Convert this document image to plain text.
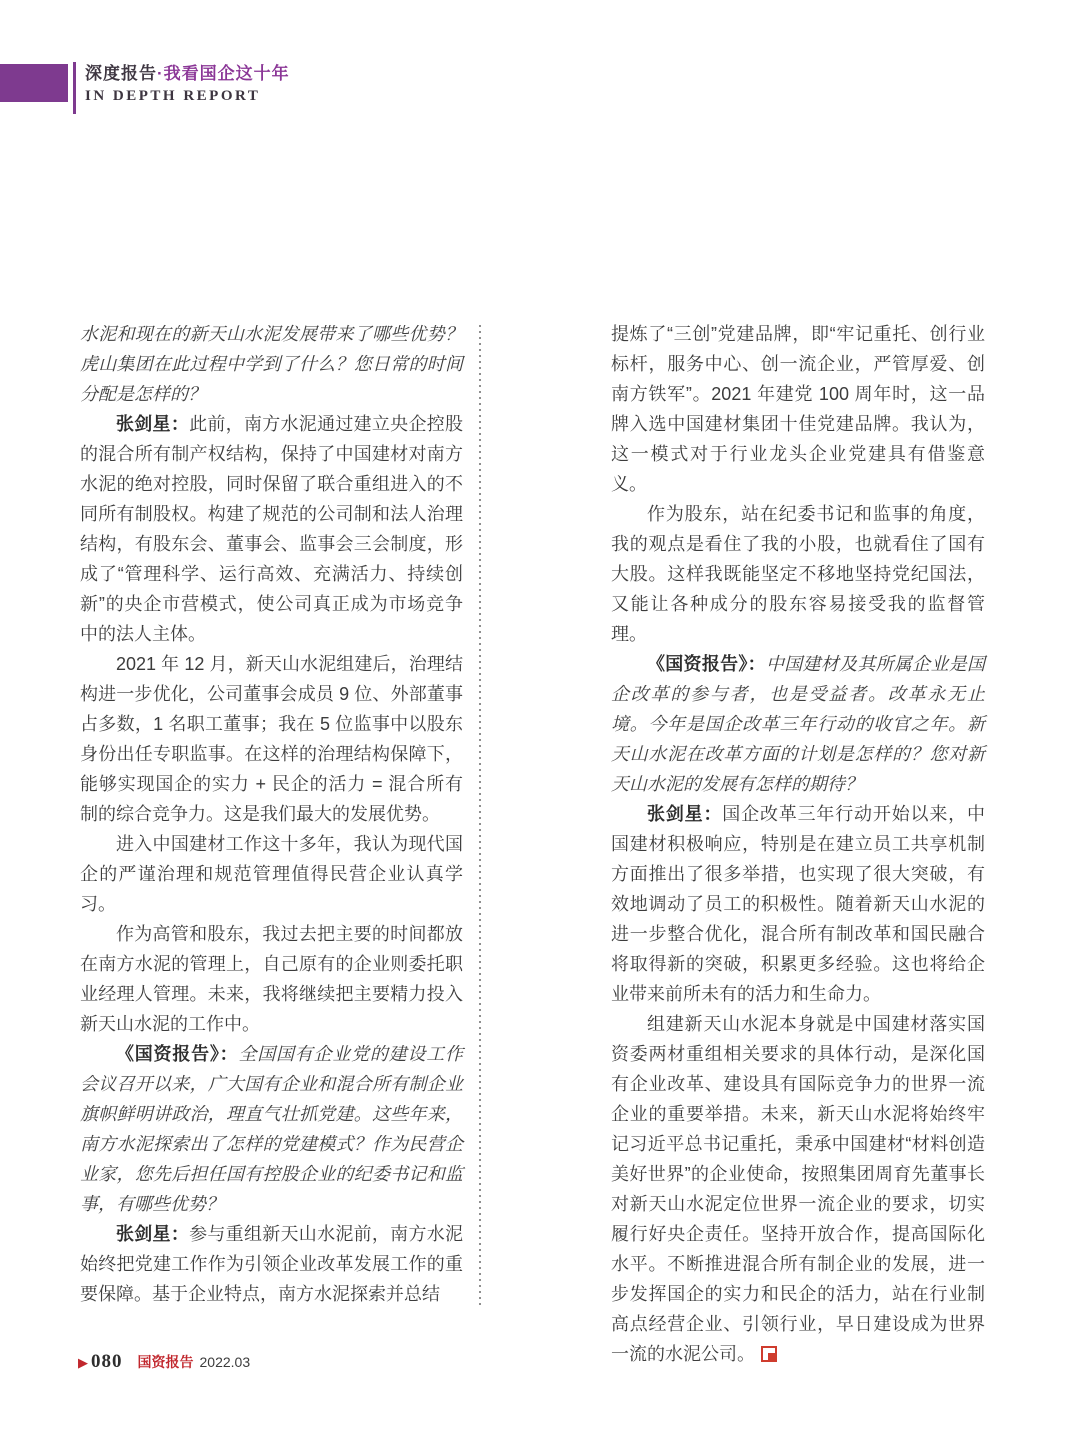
深度报告·我看国企这十年
IN DEPTH REPORT

水泥和现在的新天山水泥发展带来了哪些优势？虎山集团在此过程中学到了什么？您日常的时间分配是怎样的？

张剑星：此前，南方水泥通过建立央企控股的混合所有制产权结构，保持了中国建材对南方水泥的绝对控股，同时保留了联合重组进入的不同所有制股权。构建了规范的公司制和法人治理结构，有股东会、董事会、监事会三会制度，形成了“管理科学、运行高效、充满活力、持续创新”的央企市营模式，使公司真正成为市场竞争中的法人主体。

2021 年 12 月，新天山水泥组建后，治理结构进一步优化，公司董事会成员 9 位、外部董事占多数，1 名职工董事；我在 5 位监事中以股东身份出任专职监事。在这样的治理结构保障下，能够实现国企的实力 + 民企的活力 = 混合所有制的综合竞争力。这是我们最大的发展优势。

进入中国建材工作这十多年，我认为现代国企的严谨治理和规范管理值得民营企业认真学习。

作为高管和股东，我过去把主要的时间都放在南方水泥的管理上，自己原有的企业则委托职业经理人管理。未来，我将继续把主要精力投入新天山水泥的工作中。

《国资报告》：全国国有企业党的建设工作会议召开以来，广大国有企业和混合所有制企业旗帜鲜明讲政治，理直气壮抓党建。这些年来，南方水泥探索出了怎样的党建模式？作为民营企业家，您先后担任国有控股企业的纪委书记和监事，有哪些优势？

张剑星：参与重组新天山水泥前，南方水泥始终把党建工作作为引领企业改革发展工作的重要保障。基于企业特点，南方水泥探索并总结

提炼了“三创”党建品牌，即“牢记重托、创行业标杆，服务中心、创一流企业，严管厚爱、创南方铁军”。2021 年建党 100 周年时，这一品牌入选中国建材集团十佳党建品牌。我认为，这一模式对于行业龙头企业党建具有借鉴意义。

作为股东，站在纪委书记和监事的角度，我的观点是看住了我的小股，也就看住了国有大股。这样我既能坚定不移地坚持党纪国法，又能让各种成分的股东容易接受我的监督管理。

《国资报告》：中国建材及其所属企业是国企改革的参与者，也是受益者。改革永无止境。今年是国企改革三年行动的收官之年。新天山水泥在改革方面的计划是怎样的？您对新天山水泥的发展有怎样的期待？

张剑星：国企改革三年行动开始以来，中国建材积极响应，特别是在建立员工共享机制方面推出了很多举措，也实现了很大突破，有效地调动了员工的积极性。随着新天山水泥的进一步整合优化，混合所有制改革和国民融合将取得新的突破，积累更多经验。这也将给企业带来前所未有的活力和生命力。

组建新天山水泥本身就是中国建材落实国资委两材重组相关要求的具体行动，是深化国有企业改革、建设具有国际竞争力的世界一流企业的重要举措。未来，新天山水泥将始终牢记习近平总书记重托，秉承中国建材“材料创造美好世界”的企业使命，按照集团周育先董事长对新天山水泥定位世界一流企业的要求，切实履行好央企责任。坚持开放合作，提高国际化水平。不断推进混合所有制企业的发展，进一步发挥国企的实力和民企的活力，站在行业制高点经营企业、引领行业，早日建设成为世界一流的水泥公司。

▶ 080 国资报告 2022.03
